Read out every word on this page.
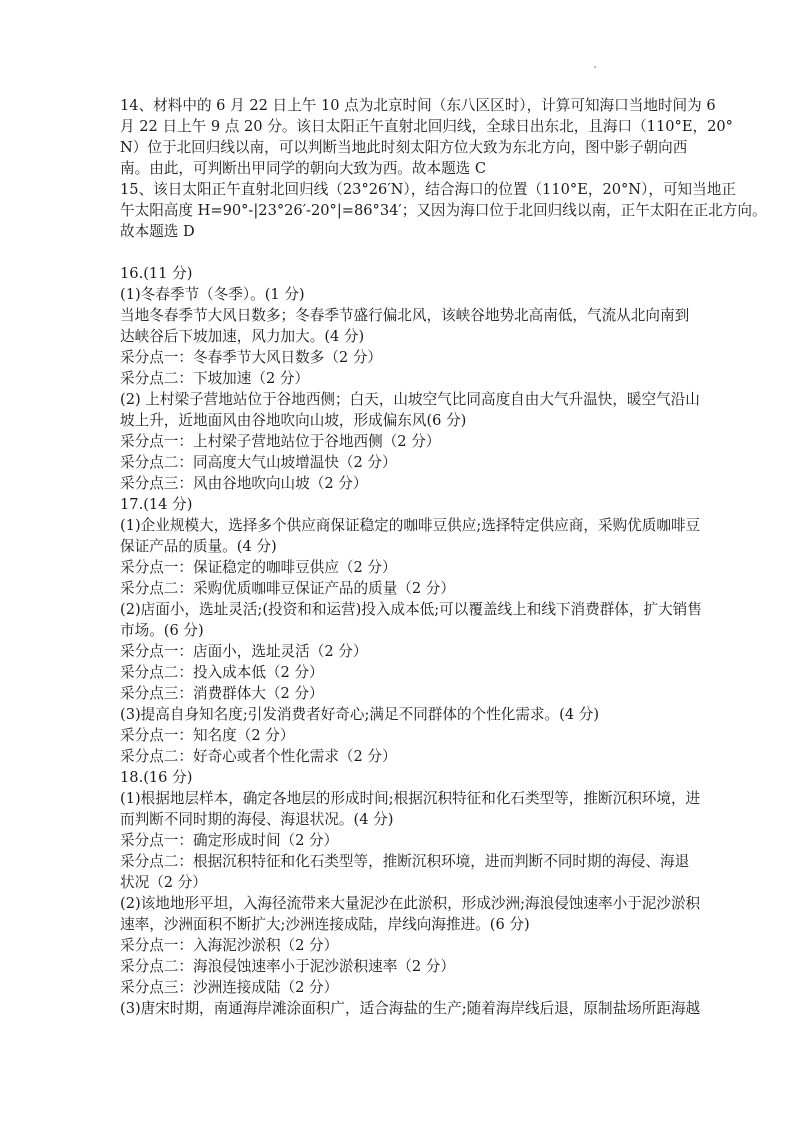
14、材料中的 6 月 22 日上午 10 点为北京时间（东八区区时），计算可知海口当地时间为 6
月 22 日上午 9 点 20 分。该日太阳正午直射北回归线，全球日出东北，且海口（110°E，20°
N）位于北回归线以南，可以判断当地此时刻太阳方位大致为东北方向，图中影子朝向西
南。由此，可判断出甲同学的朝向大致为西。故本题选 C
15、该日太阳正午直射北回归线（23°26′N），结合海口的位置（110°E，20°N），可知当地正
午太阳高度 H=90°-|23°26′-20°|=86°34′；又因为海口位于北回归线以南，正午太阳在正北方向。
故本题选 D
16.(11 分)
(1)冬春季节（冬季）。(1 分)
当地冬春季节大风日数多；冬春季节盛行偏北风，该峡谷地势北高南低，气流从北向南到
达峡谷后下坡加速，风力加大。(4 分)
采分点一：冬春季节大风日数多（2 分）
采分点二：下坡加速（2 分）
(2) 上村梁子营地站位于谷地西侧；白天，山坡空气比同高度自由大气升温快，暖空气沿山
坡上升，近地面风由谷地吹向山坡，形成偏东风(6 分)
采分点一：上村梁子营地站位于谷地西侧（2 分）
采分点二：同高度大气山坡增温快（2 分）
采分点三：风由谷地吹向山坡（2 分）
17.(14 分)
(1)企业规模大，选择多个供应商保证稳定的咖啡豆供应;选择特定供应商，采购优质咖啡豆
保证产品的质量。(4 分)
采分点一：保证稳定的咖啡豆供应（2 分）
采分点二：采购优质咖啡豆保证产品的质量（2 分）
(2)店面小，选址灵活;(投资和和运营)投入成本低;可以覆盖线上和线下消费群体，扩大销售
市场。(6 分)
采分点一：店面小，选址灵活（2 分）
采分点二：投入成本低（2 分）
采分点三：消费群体大（2 分）
(3)提高自身知名度;引发消费者好奇心;满足不同群体的个性化需求。(4 分)
采分点一：知名度（2 分）
采分点二：好奇心或者个性化需求（2 分）
18.(16 分)
(1)根据地层样本，确定各地层的形成时间;根据沉积特征和化石类型等，推断沉积环境，进
而判断不同时期的海侵、海退状况。(4 分)
采分点一：确定形成时间（2 分）
采分点二：根据沉积特征和化石类型等，推断沉积环境，进而判断不同时期的海侵、海退
状况（2 分）
(2)该地地形平坦，入海径流带来大量泥沙在此淤积，形成沙洲;海浪侵蚀速率小于泥沙淤积
速率，沙洲面积不断扩大;沙洲连接成陆，岸线向海推进。(6 分)
采分点一：入海泥沙淤积（2 分）
采分点二：海浪侵蚀速率小于泥沙淤积速率（2 分）
采分点三：沙洲连接成陆（2 分）
(3)唐宋时期，南通海岸滩涂面积广，适合海盐的生产;随着海岸线后退，原制盐场所距海越
